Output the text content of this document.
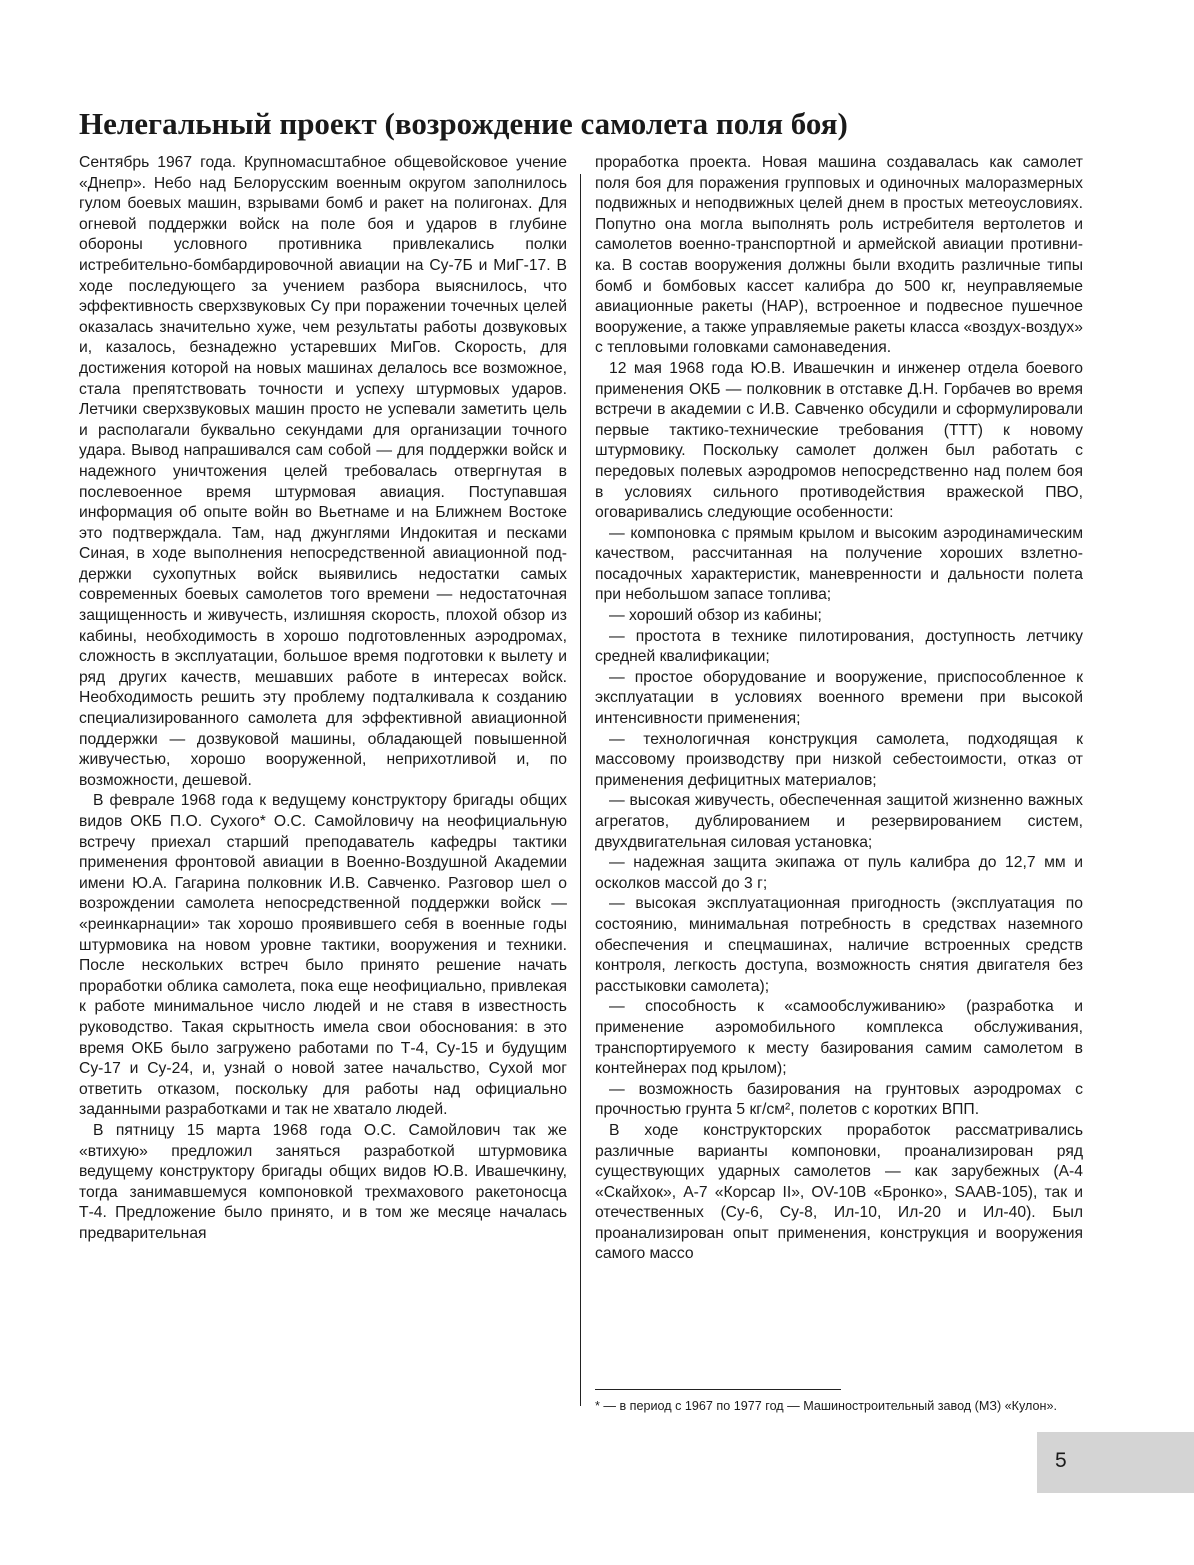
Нелегальный проект (возрождение самолета поля боя)

Сентябрь 1967 года. Крупномасштабное общевойсковое учение «Днепр». Небо над Белорусским военным округом заполнилось гулом боевых машин, взрывами бомб и ракет на полигонах. Для огневой поддержки войск на поле боя и ударов в глубине обороны условного противника привлекались полки истребительно-бомбардировочной авиации на Су-7Б и МиГ-17. В ходе последующего за учением разбора выяснилось, что эффективность сверхзвуковых Су при поражении точечных целей оказалась значительно хуже, чем результаты работы дозвуковых и, казалось, безнадежно устаревших МиГов. Скорость, для достижения которой на новых машинах делалось все возможное, стала препятствовать точности и успеху штурмовых ударов. Летчики сверхзвуковых машин просто не успевали заметить цель и располагали буквально секундами для организации точного удара. Вывод напрашивался сам собой — для поддержки войск и надежного уничтожения целей требовалась отвергнутая в послевоенное время штурмовая авиация. Поступавшая информация об опыте войн во Вьетнаме и на Ближнем Востоке это подтверждала. Там, над джунглями Индокитая и песками Синая, в ходе выполнения непосредственной авиационной поддержки сухопутных войск выявились недостатки самых современных боевых самолетов того времени — недостаточная защищенность и живучесть, излишняя скорость, плохой обзор из кабины, необходимость в хорошо подготовленных аэродромах, сложность в эксплуатации, большое время подготовки к вылету и ряд других качеств, мешавших работе в интересах войск. Необходимость решить эту проблему подталкивала к созданию специализированного самолета для эффективной авиационной поддержки — дозвуковой машины, обладающей повышенной живучестью, хорошо вооруженной, неприхотливой и, по возможности, дешевой.

В феврале 1968 года к ведущему конструктору бригады общих видов ОКБ П.О. Сухого* О.С. Самойловичу на неофициальную встречу приехал старший преподаватель кафедры тактики применения фронтовой авиации в Военно-Воздушной Академии имени Ю.А. Гагарина полковник И.В. Савченко. Разговор шел о возрождении самолета непосредственной поддержки войск — «реинкарнации» так хорошо проявившего себя в военные годы штурмовика на новом уровне тактики, вооружения и техники. После нескольких встреч было принято решение начать проработки облика самолета, пока еще неофициально, привлекая к работе минимальное число людей и не ставя в известность руководство. Такая скрытность имела свои обоснования: в это время ОКБ было загружено работами по Т-4, Су-15 и будущим Су-17 и Су-24, и, узнай о новой затее начальство, Сухой мог ответить отказом, поскольку для работы над официально заданными разработками и так не хватало людей.

В пятницу 15 марта 1968 года О.С. Самойлович так же «втихую» предложил заняться разработкой штурмовика ведущему конструктору бригады общих видов Ю.В. Ивашечкину, тогда занимавшемуся компоновкой трехмахового ракетоносца Т-4. Предложение было принято, и в том же месяце началась предварительная

проработка проекта. Новая машина создавалась как самолет поля боя для поражения групповых и одиночных малоразмерных подвижных и неподвижных целей днем в простых метеоусловиях. Попутно она могла выполнять роль истребителя вертолетов и самолетов военно-транспортной и армейской авиации противника. В состав вооружения должны были входить различные типы бомб и бомбовых кассет калибра до 500 кг, неуправляемые авиационные ракеты (НАР), встроенное и подвесное пушечное вооружение, а также управляемые ракеты класса «воздух-воздух» с тепловыми головками самонаведения.

12 мая 1968 года Ю.В. Ивашечкин и инженер отдела боевого применения ОКБ — полковник в отставке Д.Н. Горбачев во время встречи в академии с И.В. Савченко обсудили и сформулировали первые тактико-технические требования (ТТТ) к новому штурмовику. Поскольку самолет должен был работать с передовых полевых аэродромов непосредственно над полем боя в условиях сильного противодействия вражеской ПВО, оговаривались следующие особенности:

— компоновка с прямым крылом и высоким аэродинамическим качеством, рассчитанная на получение хороших взлетно-посадочных характеристик, маневренности и дальности полета при небольшом запасе топлива;

— хороший обзор из кабины;

— простота в технике пилотирования, доступность летчику средней квалификации;

— простое оборудование и вооружение, приспособленное к эксплуатации в условиях военного времени при высокой интенсивности применения;

— технологичная конструкция самолета, подходящая к массовому производству при низкой себестоимости, отказ от применения дефицитных материалов;

— высокая живучесть, обеспеченная защитой жизненно важных агрегатов, дублированием и резервированием систем, двухдвигательная силовая установка;

— надежная защита экипажа от пуль калибра до 12,7 мм и осколков массой до 3 г;

— высокая эксплуатационная пригодность (эксплуатация по состоянию, минимальная потребность в средствах наземного обеспечения и спецмашинах, наличие встроенных средств контроля, легкость доступа, возможность снятия двигателя без расстыковки самолета);

— способность к «самообслуживанию» (разработка и применение аэромобильного комплекса обслуживания, транспортируемого к месту базирования самим самолетом в контейнерах под крылом);

— возможность базирования на грунтовых аэродромах с прочностью грунта 5 кг/см², полетов с коротких ВПП.

В ходе конструкторских проработок рассматривались различные варианты компоновки, проанализирован ряд существующих ударных самолетов — как зарубежных (А-4 «Скайхок», А-7 «Корсар II», OV-10B «Бронко», SAAB-105), так и отечественных (Су-6, Су-8, Ил-10, Ил-20 и Ил-40). Был проанализирован опыт применения, конструкция и вооружения самого массо

* — в период с 1967 по 1977 год — Машиностроительный завод (МЗ) «Кулон».

5
